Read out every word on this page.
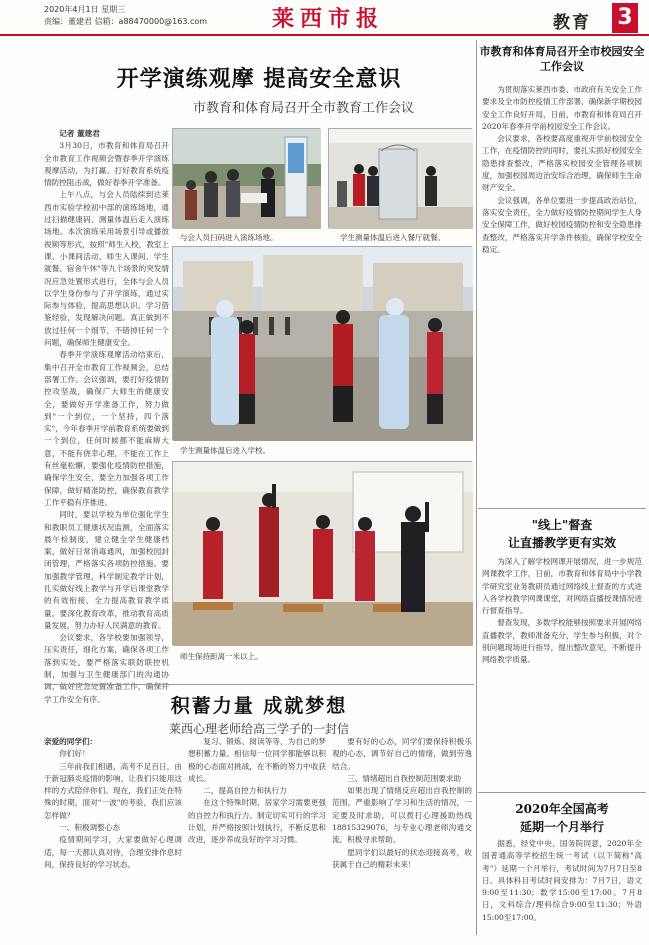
2020年4月1日 星期三
责编：董建君 信箱：a88470000@163.com	莱西市报	教育 3
开学演练观摩 提高安全意识
市教育和体育局召开全市教育工作会议

记者 董建君

3月30日，市教育和体育局召开全市教育工作视频会暨春季开学演练观摩活动，为打赢、打好教育系统疫情防控阻击战，做好春季开学准备。

上午八点，与会人员陆续到达莱西市实验学校初中部的演练场地，通过扫描健康码、测量体温后走入演练场地。本次演练采用场景引导或播放视频等形式，按照"师生入校，教室上课、小课间活动、师生入课间、学生就餐、宿舍午休"等九个场景的突发情况应急处置形式进行，全体与会人员以学生身份参与了开学演练，通过实际参与体验，提高思想认识、学习借鉴经验，发现解决问题。真正做到不放过任何一个细节，不错掉任何一个问题，确保师生健康安全。

春季开学演练观摩活动结束后，集中召开全市教育工作视频会，总结部署工作。会议强调，要打好疫情防控攻坚战，确保广大师生的健康安全，要做好开学准备工作，努力做到"一个到位，一个坚持，四个落实"，今年春季开学前教育系统要做到一个到位，任何时候都不能麻痹大意，不能有侥幸心理，不能在工作上有丝毫松懈，要强化疫情防控措施，确保学生安全，要全力加强各项工作保障，做好精准防控，确保教育教学工作平稳有序推进。

同时，要以学校为单位强化学生和教职员工健康状况监测，全面落实晨午检制度，建立健全学生健康档案，做好日常消毒通风，加强校园封闭管理，严格落实各项防控措施。要加强教学管理，科学制定教学计划，扎实做好线上教学与开学后课堂教学的有效衔接，全力提高教育教学质量。要深化教育改革，推动教育高质量发展，努力办好人民满意的教育。

会议要求，各学校要加强领导，压实责任，细化方案，确保各项工作落到实处。要严格落实联防联控机制，加强与卫生健康部门的沟通协调，做好应急处置准备工作，确保开学工作安全有序。

与会人员扫码进入演练场地。	学生测量体温后进入餐厅就餐。
学生测量体温后进入学校。
师生保持距离一米以上。
市教育和体育局召开全市校园安全工作会议

为贯彻落实莱西市委、市政府有关安全工作要求及全市防控疫情工作部署，确保新学期校园安全工作良好开局，日前，市教育和体育局召开2020年春季开学前校园安全工作会议。

会议要求，各校要高度重视开学前校园安全工作，在疫情防控的同时，要扎实抓好校园安全隐患排查整改，严格落实校园安全管理各项制度，加强校园周边治安综合治理，确保师生生命财产安全。

会议强调，各单位要进一步提高政治站位，落实安全责任，全力做好疫情防控期间学生人身安全保障工作，做好校园疫情防控和安全隐患排查整改，严格落实开学条件核验，确保学校安全稳定。

"线上"督查
让直播教学更有实效

为深入了解学校网课开展情况，进一步规范网课教学工作，日前，市教育和体育局中小学教学研究室业务教研员通过网络线上督查的方式进入各学校教学网课课堂，对网络直播授课情况进行督查指导。

督查发现，多数学校能够按照要求开展网络直播教学，教师准备充分，学生参与积极，对个别问题现场进行指导，提出整改意见，不断提升网络教学质量。

2020年全国高考
延期一个月举行

据悉，经党中央、国务院同意，2020年全国普通高等学校招生统一考试（以下简称"高考"）延期一个月举行，考试时间为7月7日至8日。具体科目考试时间安排为：7月7日，语文9:00至11:30；数学15:00至17:00。7月8日，文科综合/理科综合9:00至11:30；外语15:00至17:00。

积蓄力量 成就梦想
莱西心理老师给高三学子的一封信

亲爱的同学们：

你们好！

三年前我们相遇，高考不足百日，由于新冠肺炎疫情的影响，让我们只能用这样的方式陪伴你们。现在，我们正处在特殊的时期，面对"一波"的考验，我们应该怎样做？

一、积极调整心态

疫情期间学习，大家要做好心理调适，每一天都认真对待，合理安排作息时间，保持良好的学习状态。

复习、锻炼、阅读等等，为自己的梦想积蓄力量。相信每一位同学都能够以积极的心态面对挑战，在不断的努力中收获成长。

二、提高自控力和执行力

在这个特殊时期，居家学习需要更强的自控力和执行力。制定切实可行的学习计划，并严格按照计划执行，不断反思和改进，逐步养成良好的学习习惯。

要有好的心态，同学们要保持积极乐观的心态，调节好自己的情绪，做到劳逸结合。

三、情绪超出自我控制范围要求助

如果出现了情绪反应超出自我控制的范围，严重影响了学习和生活的情况，一定要及时求助，可以拨打心理援助热线18815329076，与专业心理老师沟通交流，积极寻求帮助。

愿同学们以最好的状态迎接高考，收获属于自己的精彩未来！
